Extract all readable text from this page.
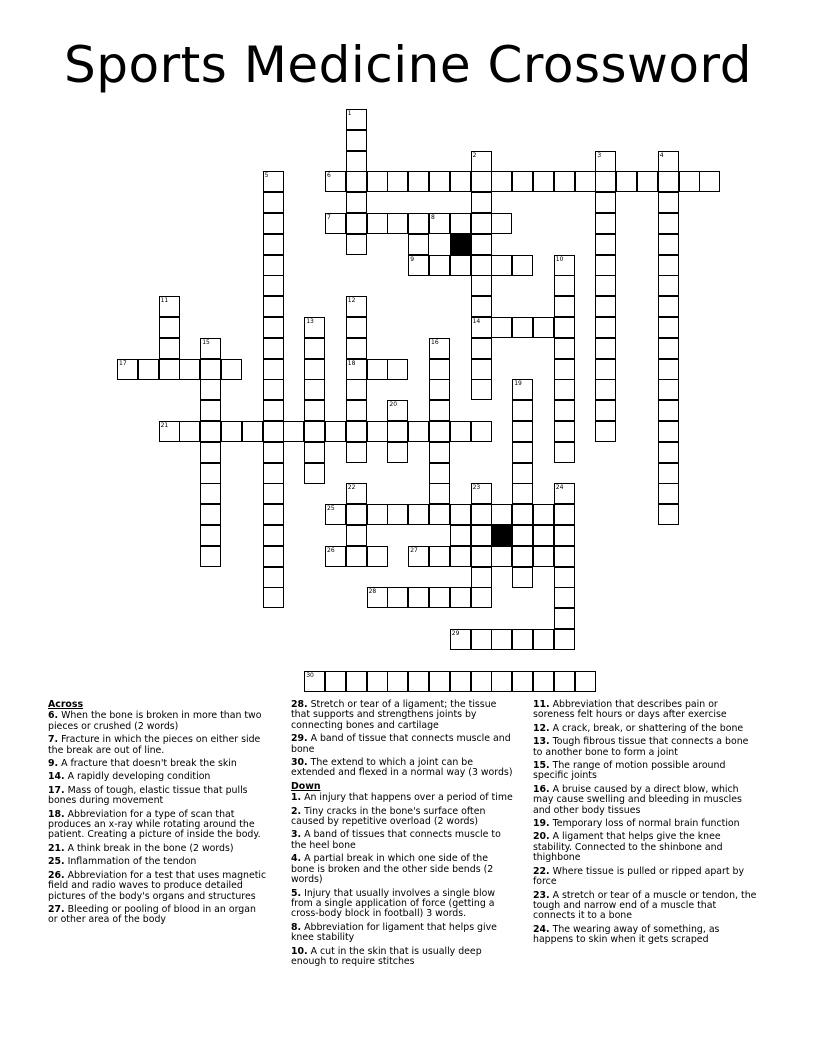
Sports Medicine Crossword
1
2	3	4
5	6
7	8
9	10
11	12
13	14
15	16
17	18
19
20
21
22	23	24
25
26	27
28
29
30
Across
6. When the bone is broken in more than two pieces or crushed (2 words)
7. Fracture in which the pieces on either side the break are out of line.
9. A fracture that doesn't break the skin
14. A rapidly developing condition
17. Mass of tough, elastic tissue that pulls bones during movement
18. Abbreviation for a type of scan that produces an x-ray while rotating around the patient. Creating a picture of inside the body.
21. A think break in the bone (2 words)
25. Inflammation of the tendon
26. Abbreviation for a test that uses magnetic field and radio waves to produce detailed pictures of the body's organs and structures
27. Bleeding or pooling of blood in an organ or other area of the body
28. Stretch or tear of a ligament; the tissue that supports and strengthens joints by connecting bones and cartilage
29. A band of tissue that connects muscle and bone
30. The extend to which a joint can be extended and flexed in a normal way (3 words)
Down
1. An injury that happens over a period of time
2. Tiny cracks in the bone's surface often caused by repetitive overload (2 words)
3. A band of tissues that connects muscle to the heel bone
4. A partial break in which one side of the bone is broken and the other side bends (2 words)
5. Injury that usually involves a single blow from a single application of force (getting a cross-body block in football) 3 words.
8. Abbreviation for ligament that helps give knee stability
10. A cut in the skin that is usually deep enough to require stitches
11. Abbreviation that describes pain or soreness felt hours or days after exercise
12. A crack, break, or shattering of the bone
13. Tough fibrous tissue that connects a bone to another bone to form a joint
15. The range of motion possible around specific joints
16. A bruise caused by a direct blow, which may cause swelling and bleeding in muscles and other body tissues
19. Temporary loss of normal brain function
20. A ligament that helps give the knee stability. Connected to the shinbone and thighbone
22. Where tissue is pulled or ripped apart by force
23. A stretch or tear of a muscle or tendon, the tough and narrow end of a muscle that connects it to a bone
24. The wearing away of something, as happens to skin when it gets scraped
